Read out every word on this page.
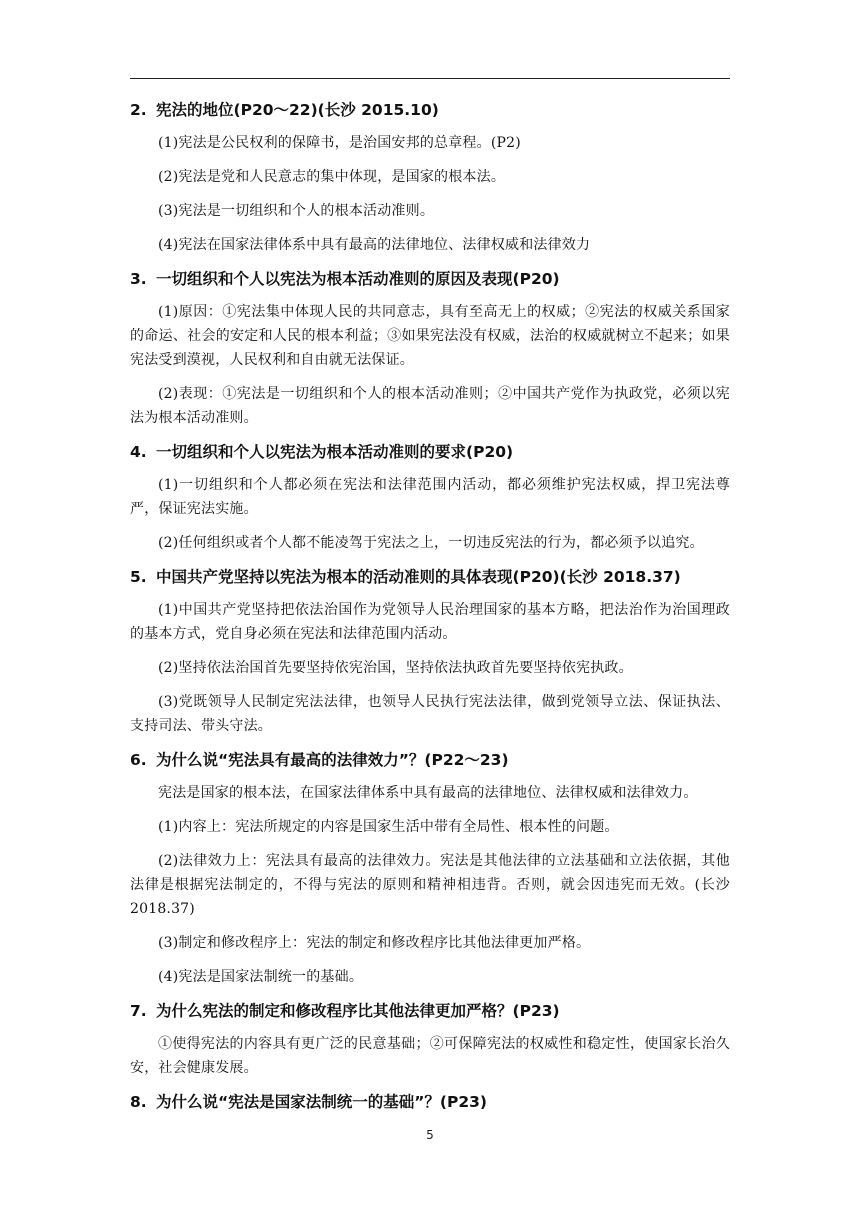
2. 宪法的地位(P20～22)(长沙 2015.10)

(1)宪法是公民权利的保障书，是治国安邦的总章程。(P2)

(2)宪法是党和人民意志的集中体现，是国家的根本法。

(3)宪法是一切组织和个人的根本活动准则。

(4)宪法在国家法律体系中具有最高的法律地位、法律权威和法律效力

3. 一切组织和个人以宪法为根本活动准则的原因及表现(P20)

(1)原因：①宪法集中体现人民的共同意志，具有至高无上的权威；②宪法的权威关系国家的命运、社会的安定和人民的根本利益；③如果宪法没有权威，法治的权威就树立不起来；如果宪法受到漠视，人民权利和自由就无法保证。

(2)表现：①宪法是一切组织和个人的根本活动准则；②中国共产党作为执政党，必须以宪法为根本活动准则。

4. 一切组织和个人以宪法为根本活动准则的要求(P20)

(1)一切组织和个人都必须在宪法和法律范围内活动，都必须维护宪法权威，捍卫宪法尊严，保证宪法实施。

(2)任何组织或者个人都不能凌驾于宪法之上，一切违反宪法的行为，都必须予以追究。

5. 中国共产党坚持以宪法为根本的活动准则的具体表现(P20)(长沙 2018.37)

(1)中国共产党坚持把依法治国作为党领导人民治理国家的基本方略，把法治作为治国理政的基本方式，党自身必须在宪法和法律范围内活动。

(2)坚持依法治国首先要坚持依宪治国，坚持依法执政首先要坚持依宪执政。

(3)党既领导人民制定宪法法律，也领导人民执行宪法法律，做到党领导立法、保证执法、支持司法、带头守法。

6. 为什么说“宪法具有最高的法律效力”？(P22～23)

宪法是国家的根本法，在国家法律体系中具有最高的法律地位、法律权威和法律效力。

(1)内容上：宪法所规定的内容是国家生活中带有全局性、根本性的问题。

(2)法律效力上：宪法具有最高的法律效力。宪法是其他法律的立法基础和立法依据，其他法律是根据宪法制定的，不得与宪法的原则和精神相违背。否则，就会因违宪而无效。(长沙 2018.37)

(3)制定和修改程序上：宪法的制定和修改程序比其他法律更加严格。

(4)宪法是国家法制统一的基础。

7. 为什么宪法的制定和修改程序比其他法律更加严格？(P23)

①使得宪法的内容具有更广泛的民意基础；②可保障宪法的权威性和稳定性，使国家长治久安，社会健康发展。

8. 为什么说“宪法是国家法制统一的基础”？(P23)
5
